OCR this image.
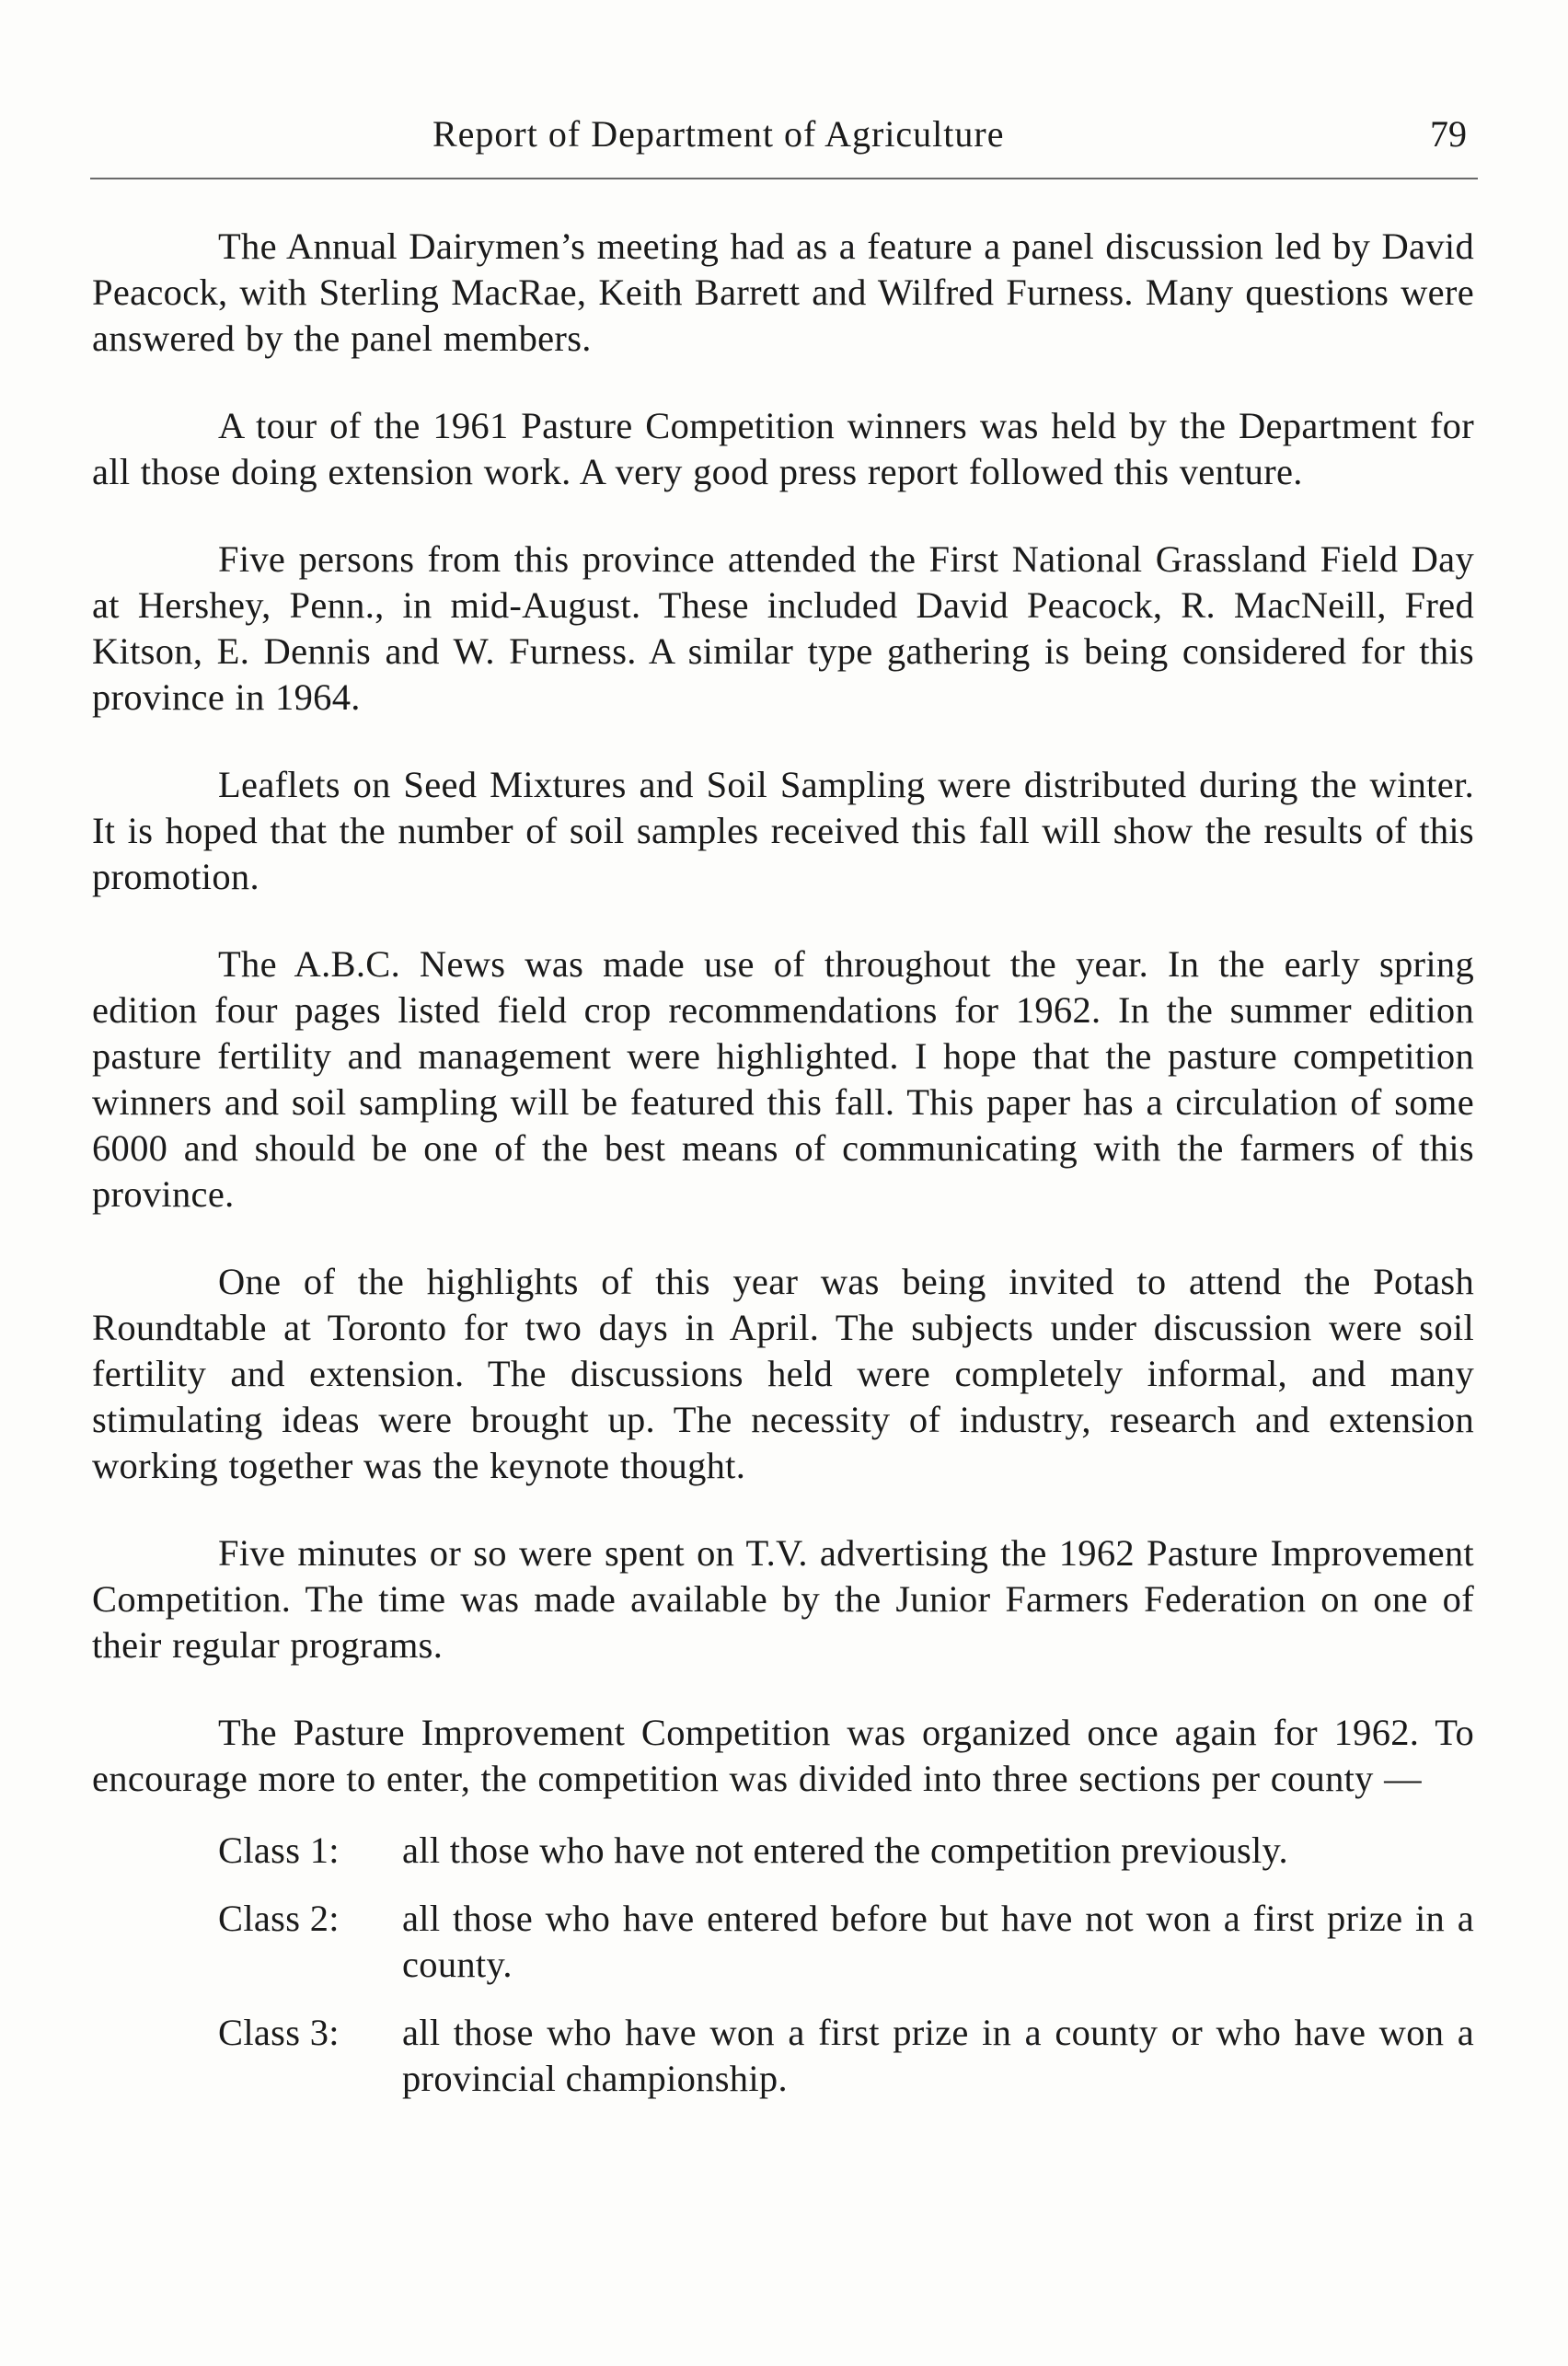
Report of Department of Agriculture	79

The Annual Dairymen’s meeting had as a feature a panel discussion led by David Peacock, with Sterling MacRae, Keith Barrett and Wilfred Furness. Many questions were answered by the panel members.

A tour of the 1961 Pasture Competition winners was held by the Department for all those doing extension work. A very good press report followed this venture.

Five persons from this province attended the First National Grassland Field Day at Hershey, Penn., in mid-August. These included David Peacock, R. MacNeill, Fred Kitson, E. Dennis and W. Furness. A similar type gathering is being considered for this province in 1964.

Leaflets on Seed Mixtures and Soil Sampling were distributed during the winter. It is hoped that the number of soil samples received this fall will show the results of this promotion.

The A.B.C. News was made use of throughout the year. In the early spring edition four pages listed field crop recommendations for 1962. In the summer edition pasture fertility and management were highlighted. I hope that the pasture competition winners and soil sampling will be featured this fall. This paper has a circulation of some 6000 and should be one of the best means of communicating with the farmers of this province.

One of the highlights of this year was being invited to attend the Potash Roundtable at Toronto for two days in April. The subjects under discussion were soil fertility and extension. The discussions held were completely informal, and many stimulating ideas were brought up. The necessity of industry, research and extension working together was the keynote thought.

Five minutes or so were spent on T.V. advertising the 1962 Pasture Improvement Competition. The time was made available by the Junior Farmers Federation on one of their regular programs.

The Pasture Improvement Competition was organized once again for 1962. To encourage more to enter, the competition was divided into three sections per county —

Class 1: all those who have not entered the competition previously.
Class 2: all those who have entered before but have not won a first prize in a county.
Class 3: all those who have won a first prize in a county or who have won a provincial championship.
